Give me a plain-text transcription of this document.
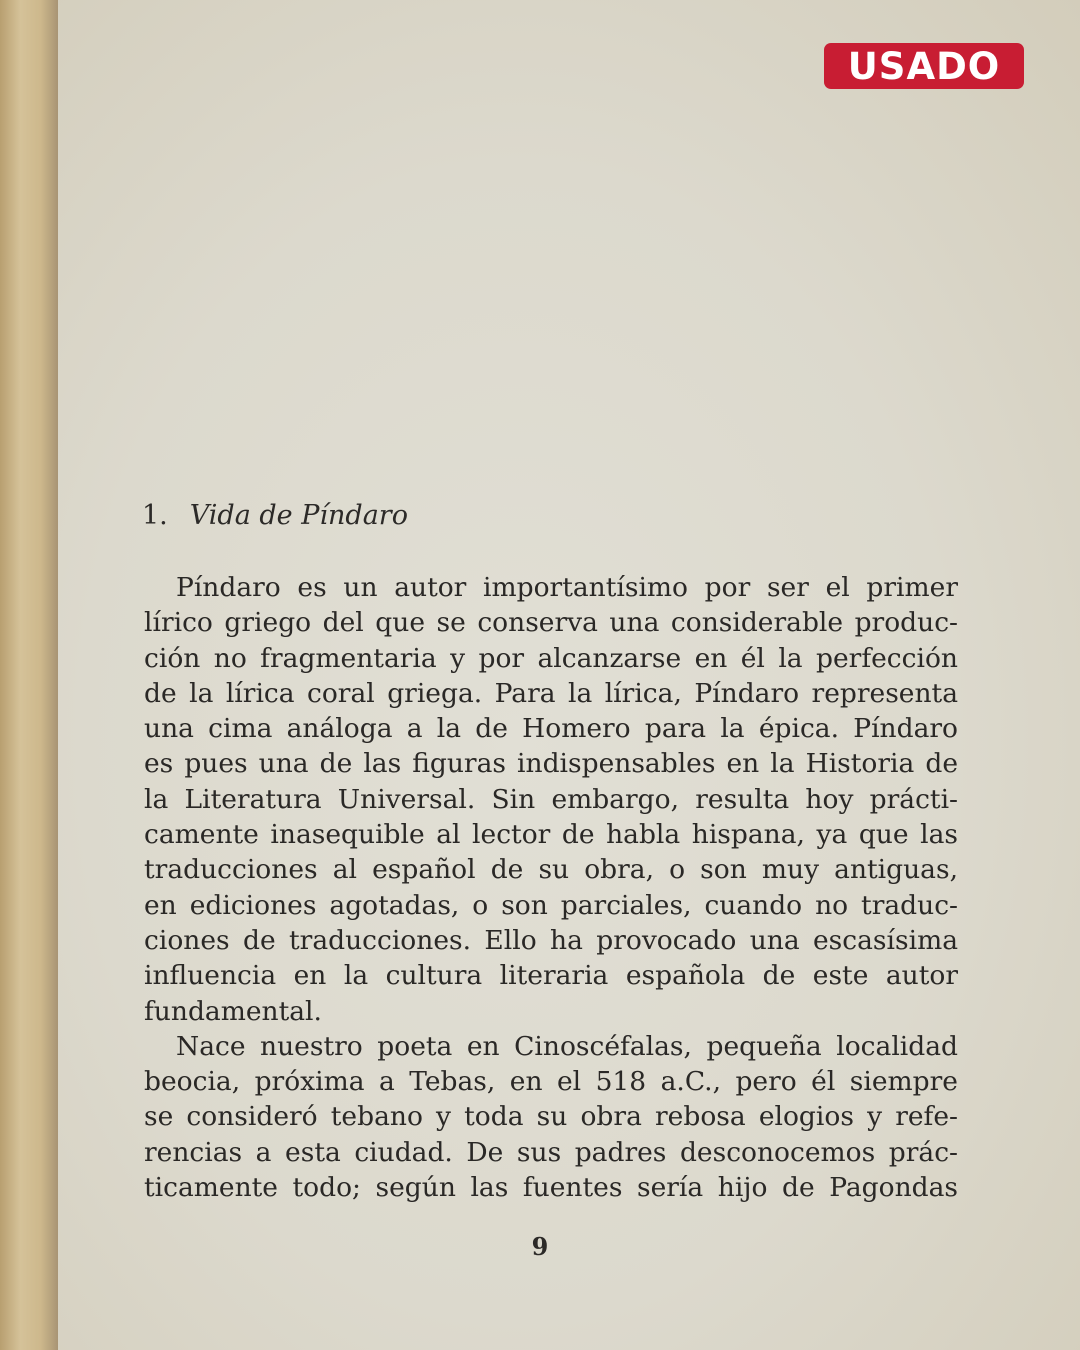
USADO
1. Vida de Píndaro
Píndaro es un autor importantísimo por ser el primer
lírico griego del que se conserva una considerable produc-
ción no fragmentaria y por alcanzarse en él la perfección
de la lírica coral griega. Para la lírica, Píndaro representa
una cima análoga a la de Homero para la épica. Píndaro
es pues una de las figuras indispensables en la Historia de
la Literatura Universal. Sin embargo, resulta hoy prácti-
camente inasequible al lector de habla hispana, ya que las
traducciones al español de su obra, o son muy antiguas,
en ediciones agotadas, o son parciales, cuando no traduc-
ciones de traducciones. Ello ha provocado una escasísima
influencia en la cultura literaria española de este autor
fundamental.
Nace nuestro poeta en Cinoscéfalas, pequeña localidad
beocia, próxima a Tebas, en el 518 a.C., pero él siempre
se consideró tebano y toda su obra rebosa elogios y refe-
rencias a esta ciudad. De sus padres desconocemos prác-
ticamente todo; según las fuentes sería hijo de Pagondas
9
